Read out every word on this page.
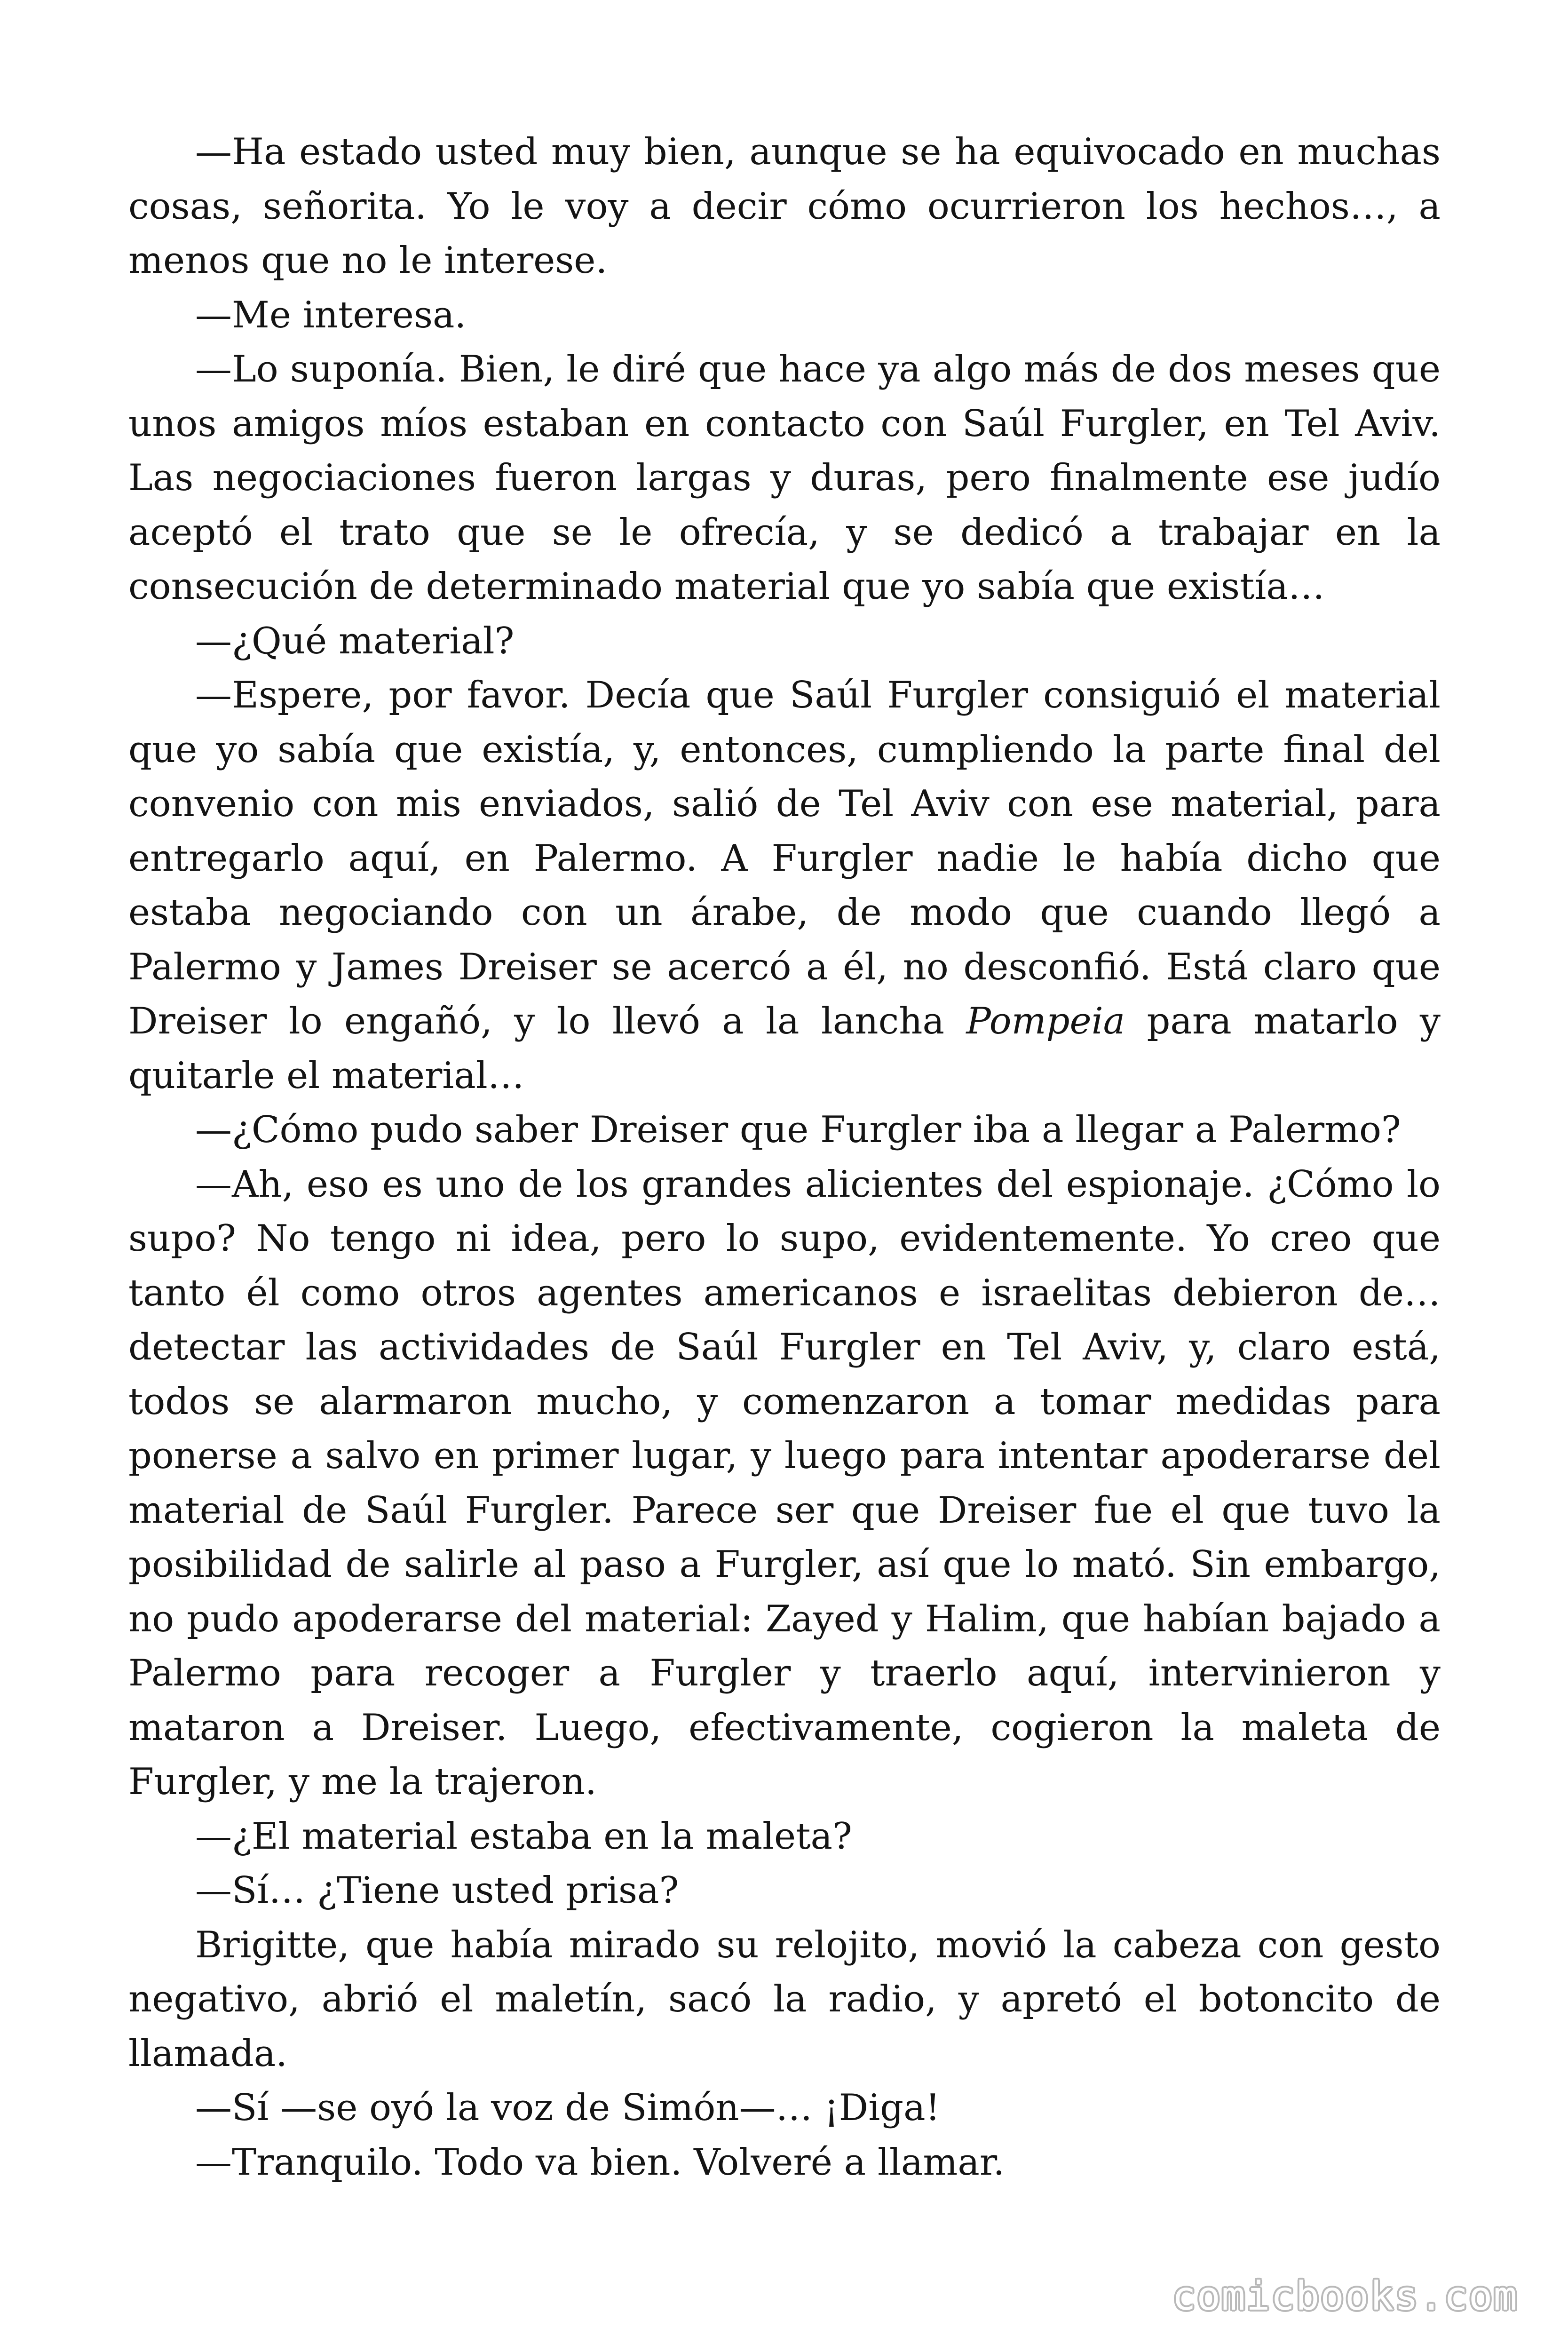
—Ha estado usted muy bien, aunque se ha equivocado en muchas cosas, señorita. Yo le voy a decir cómo ocurrieron los hechos…, a menos que no le interese.

—Me interesa.

—Lo suponía. Bien, le diré que hace ya algo más de dos meses que unos amigos míos estaban en contacto con Saúl Furgler, en Tel Aviv. Las negociaciones fueron largas y duras, pero finalmente ese judío aceptó el trato que se le ofrecía, y se dedicó a trabajar en la consecución de determinado material que yo sabía que existía…

—¿Qué material?

—Espere, por favor. Decía que Saúl Furgler consiguió el material que yo sabía que existía, y, entonces, cumpliendo la parte final del convenio con mis enviados, salió de Tel Aviv con ese material, para entregarlo aquí, en Palermo. A Furgler nadie le había dicho que estaba negociando con un árabe, de modo que cuando llegó a Palermo y James Dreiser se acercó a él, no desconfió. Está claro que Dreiser lo engañó, y lo llevó a la lancha Pompeia para matarlo y quitarle el material…

—¿Cómo pudo saber Dreiser que Furgler iba a llegar a Palermo?

—Ah, eso es uno de los grandes alicientes del espionaje. ¿Cómo lo supo? No tengo ni idea, pero lo supo, evidentemente. Yo creo que tanto él como otros agentes americanos e israelitas debieron de… detectar las actividades de Saúl Furgler en Tel Aviv, y, claro está, todos se alarmaron mucho, y comenzaron a tomar medidas para ponerse a salvo en primer lugar, y luego para intentar apoderarse del material de Saúl Furgler. Parece ser que Dreiser fue el que tuvo la posibilidad de salirle al paso a Furgler, así que lo mató. Sin embargo, no pudo apoderarse del material: Zayed y Halim, que habían bajado a Palermo para recoger a Furgler y traerlo aquí, intervinieron y mataron a Dreiser. Luego, efectivamente, cogieron la maleta de Furgler, y me la trajeron.

—¿El material estaba en la maleta?

—Sí… ¿Tiene usted prisa?

Brigitte, que había mirado su relojito, movió la cabeza con gesto negativo, abrió el maletín, sacó la radio, y apretó el botoncito de llamada.

—Sí —se oyó la voz de Simón—… ¡Diga!

—Tranquilo. Todo va bien. Volveré a llamar.

comicbooks.com
